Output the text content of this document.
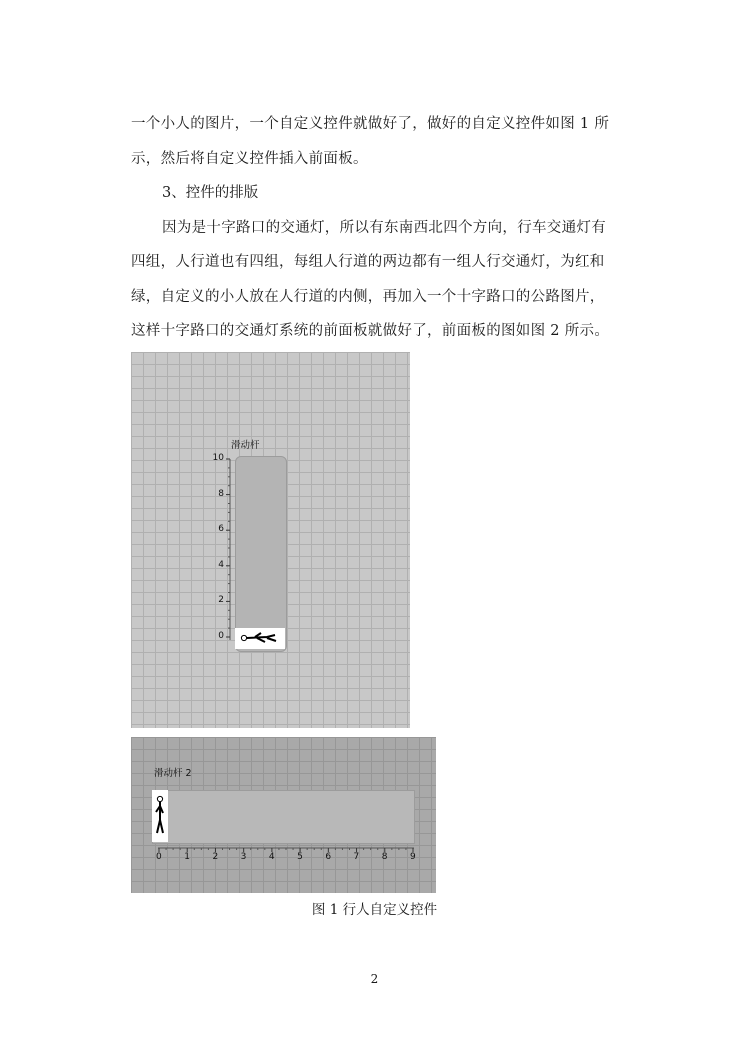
一个小人的图片，一个自定义控件就做好了，做好的自定义控件如图 1 所
示，然后将自定义控件插入前面板。
3、控件的排版
因为是十字路口的交通灯，所以有东南西北四个方向，行车交通灯有
四组，人行道也有四组，每组人行道的两边都有一组人行交通灯，为红和
绿，自定义的小人放在人行道的内侧，再加入一个十字路口的公路图片，
这样十字路口的交通灯系统的前面板就做好了，前面板的图如图 2 所示。
滑动杆
10
8
6
4
2
0
滑动杆 2
0 1 2 3 4	5 6 7 8	9
图 1 行人自定义控件
2
